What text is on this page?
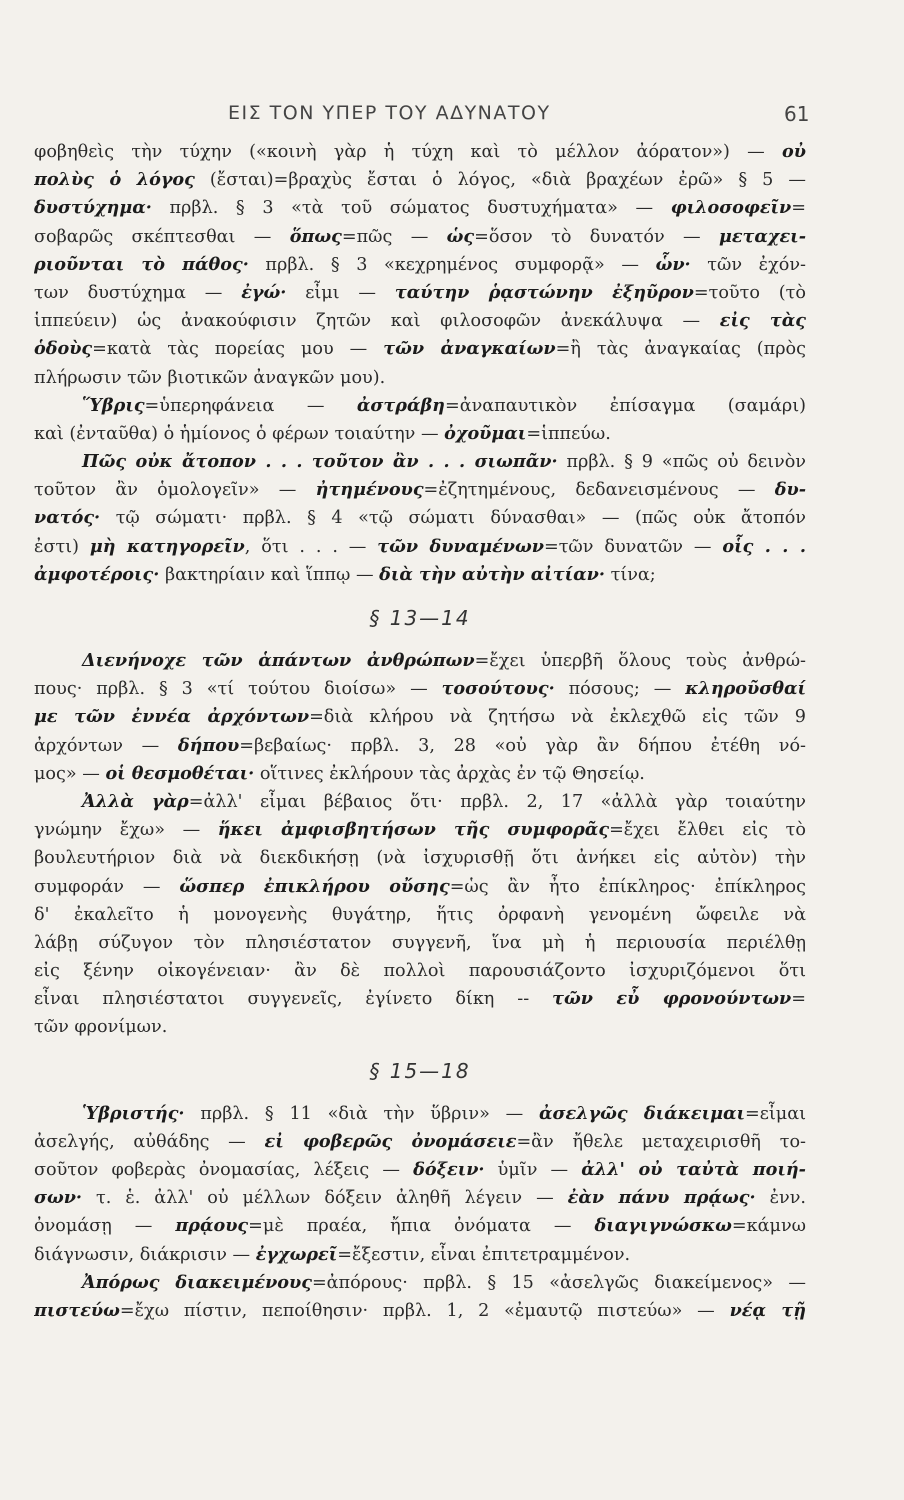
ΕΙΣ ΤΟΝ ΥΠΕΡ ΤΟΥ ΑΔΥΝΑΤΟΥ	61
φοβηθεὶς τὴν τύχην («κοινὴ γὰρ ἡ τύχη καὶ τὸ μέλλον ἀόρατον») — οὐ
πολὺς ὁ λόγος (ἔσται)=βραχὺς ἔσται ὁ λόγος, «διὰ βραχέων ἐρῶ» § 5 —
δυστύχημα· πρβλ. § 3 «τὰ τοῦ σώματος δυστυχήματα» — φιλοσοφεῖν=
σοβαρῶς σκέπτεσθαι — ὅπως=πῶς — ὡς=ὅσον τὸ δυνατόν — μεταχει-
ριοῦνται τὸ πάθος· πρβλ. § 3 «κεχρημένος συμφορᾷ» — ὧν· τῶν ἐχόν-
των δυστύχημα — ἐγώ· εἶμι — ταύτην ῥᾳστώνην ἐξηῦρον=τοῦτο (τὸ
ἱππεύειν) ὡς ἀνακούφισιν ζητῶν καὶ φιλοσοφῶν ἀνεκάλυψα — εἰς τὰς
ὁδοὺς=κατὰ τὰς πορείας μου — τῶν ἀναγκαίων=ἢ τὰς ἀναγκαίας (πρὸς
πλήρωσιν τῶν βιοτικῶν ἀναγκῶν μου).
Ὕβρις=ὑπερηφάνεια — ἀστράβη=ἀναπαυτικὸν ἐπίσαγμα (σαμάρι)
καὶ (ἐνταῦθα) ὁ ἡμίονος ὁ φέρων τοιαύτην — ὀχοῦμαι=ἱππεύω.
Πῶς οὐκ ἄτοπον . . . τοῦτον ἂν . . . σιωπᾶν· πρβλ. § 9 «πῶς οὐ δεινὸν
τοῦτον ἂν ὁμολογεῖν» — ἠτημένους=ἐζητημένους, δεδανεισμένους — δυ-
νατός· τῷ σώματι· πρβλ. § 4 «τῷ σώματι δύνασθαι» — (πῶς οὐκ ἄτοπόν
ἐστι) μὴ κατηγορεῖν, ὅτι . . . — τῶν δυναμένων=τῶν δυνατῶν — οἷς . . .
ἀμφοτέροις· βακτηρίαιν καὶ ἵππῳ — διὰ τὴν αὐτὴν αἰτίαν· τίνα;
§ 13—14
Διενήνοχε τῶν ἁπάντων ἀνθρώπων=ἔχει ὑπερβῆ ὅλους τοὺς ἀνθρώ-
πους· πρβλ. § 3 «τί τούτου διοίσω» — τοσούτους· πόσους; — κληροῦσθαί
με τῶν ἐννέα ἀρχόντων=διὰ κλήρου νὰ ζητήσω νὰ ἐκλεχθῶ εἰς τῶν 9
ἀρχόντων — δήπου=βεβαίως· πρβλ. 3, 28 «οὐ γὰρ ἂν δήπου ἐτέθη νό-
μος» — οἱ θεσμοθέται· οἵτινες ἐκλήρουν τὰς ἀρχὰς ἐν τῷ Θησείῳ.
Ἀλλὰ γὰρ=ἀλλ' εἶμαι βέβαιος ὅτι· πρβλ. 2, 17 «ἀλλὰ γὰρ τοιαύτην
γνώμην ἔχω» — ἥκει ἀμφισβητήσων τῆς συμφορᾶς=ἔχει ἔλθει εἰς τὸ
βουλευτήριον διὰ νὰ διεκδικήσῃ (νὰ ἰσχυρισθῇ ὅτι ἀνήκει εἰς αὐτὸν) τὴν
συμφοράν — ὥσπερ ἐπικλήρου οὔσης=ὡς ἂν ἦτο ἐπίκληρος· ἐπίκληρος
δ' ἐκαλεῖτο ἡ μονογενὴς θυγάτηρ, ἥτις ὀρφανὴ γενομένη ὤφειλε νὰ
λάβῃ σύζυγον τὸν πλησιέστατον συγγενῆ, ἵνα μὴ ἡ περιουσία περιέλθῃ
εἰς ξένην οἰκογένειαν· ἂν δὲ πολλοὶ παρουσιάζοντο ἰσχυριζόμενοι ὅτι
εἶναι πλησιέστατοι συγγενεῖς, ἐγίνετο δίκη -- τῶν εὖ φρονούντων=
τῶν φρονίμων.
§ 15—18
Ὑβριστής· πρβλ. § 11 «διὰ τὴν ὕβριν» — ἀσελγῶς διάκειμαι=εἶμαι
ἀσελγής, αὐθάδης — εἰ φοβερῶς ὀνομάσειε=ἂν ἤθελε μεταχειρισθῆ το-
σοῦτον φοβερὰς ὀνομασίας, λέξεις — δόξειν· ὑμῖν — ἀλλ' οὐ ταὐτὰ ποιή-
σων· τ. ἑ. ἀλλ' οὐ μέλλων δόξειν ἀληθῆ λέγειν — ἐὰν πάνυ πρᾴως· ἐνν.
ὀνομάσῃ — πρᾴους=μὲ πραέα, ἤπια ὀνόματα — διαγιγνώσκω=κάμνω
διάγνωσιν, διάκρισιν — ἐγχωρεῖ=ἔξεστιν, εἶναι ἐπιτετραμμένον.
Ἀπόρως διακειμένους=ἀπόρους· πρβλ. § 15 «ἀσελγῶς διακείμενος» —
πιστεύω=ἔχω πίστιν, πεποίθησιν· πρβλ. 1, 2 «ἐμαυτῷ πιστεύω» — νέᾳ τῇ
